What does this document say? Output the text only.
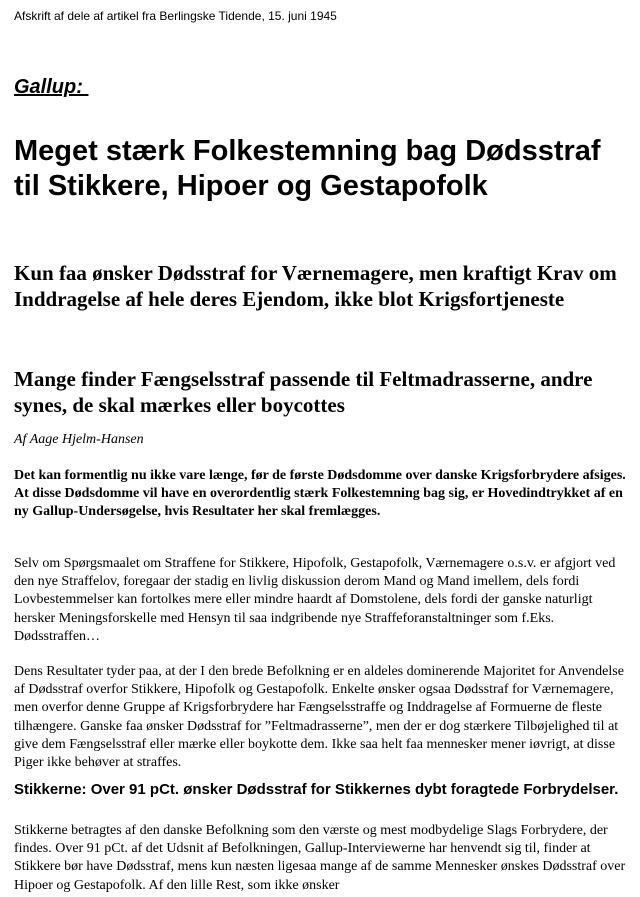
Afskrift af dele af artikel fra Berlingske Tidende, 15. juni 1945
Gallup:
Meget stærk Folkestemning bag Dødsstraf til Stikkere, Hipoer og Gestapofolk
Kun faa ønsker Dødsstraf for Værnemagere, men kraftigt Krav om Inddragelse af hele deres Ejendom, ikke blot Krigsfortjeneste
Mange finder Fængselsstraf passende til Feltmadrasserne, andre synes, de skal mærkes eller boycottes
Af Aage Hjelm-Hansen

Det kan formentlig nu ikke vare længe, før de første Dødsdomme over danske Krigsforbrydere afsiges. At disse Dødsdomme vil have en overordentlig stærk Folkestemning bag sig, er Hovedindtrykket af en ny Gallup-Undersøgelse, hvis Resultater her skal fremlægges.

Selv om Spørgsmaalet om Straffene for Stikkere, Hipofolk, Gestapofolk, Værnemagere o.s.v. er afgjort ved den nye Straffelov, foregaar der stadig en livlig diskussion derom Mand og Mand imellem, dels fordi Lovbestemmelser kan fortolkes mere eller mindre haardt af Domstolene, dels fordi der ganske naturligt hersker Meningsforskelle med Hensyn til saa indgribende nye Straffeforanstaltninger som f.Eks. Dødsstraffen…

Dens Resultater tyder paa, at der I den brede Befolkning er en aldeles dominerende Majoritet for Anvendelse af Dødsstraf overfor Stikkere, Hipofolk og Gestapofolk. Enkelte ønsker ogsaa Dødsstraf for Værnemagere, men overfor denne Gruppe af Krigsforbrydere har Fængselsstraffe og Inddragelse af Formuerne de fleste tilhængere. Ganske faa ønsker Dødsstraf for ”Feltmadrasserne”, men der er dog stærkere Tilbøjelighed til at give dem Fængselsstraf eller mærke eller boykotte dem. Ikke saa helt faa mennesker mener iøvrigt, at disse Piger ikke behøver at straffes.

Stikkerne: Over 91 pCt. ønsker Dødsstraf for Stikkernes dybt foragtede Forbrydelser.

Stikkerne betragtes af den danske Befolkning som den værste og mest modbydelige Slags Forbrydere, der findes. Over 91 pCt. af det Udsnit af Befolkningen, Gallup-Interviewerne har henvendt sig til, finder at Stikkere bør have Dødsstraf, mens kun næsten ligesaa mange af de samme Mennesker ønskes Dødsstraf over Hipoer og Gestapofolk. Af den lille Rest, som ikke ønsker
